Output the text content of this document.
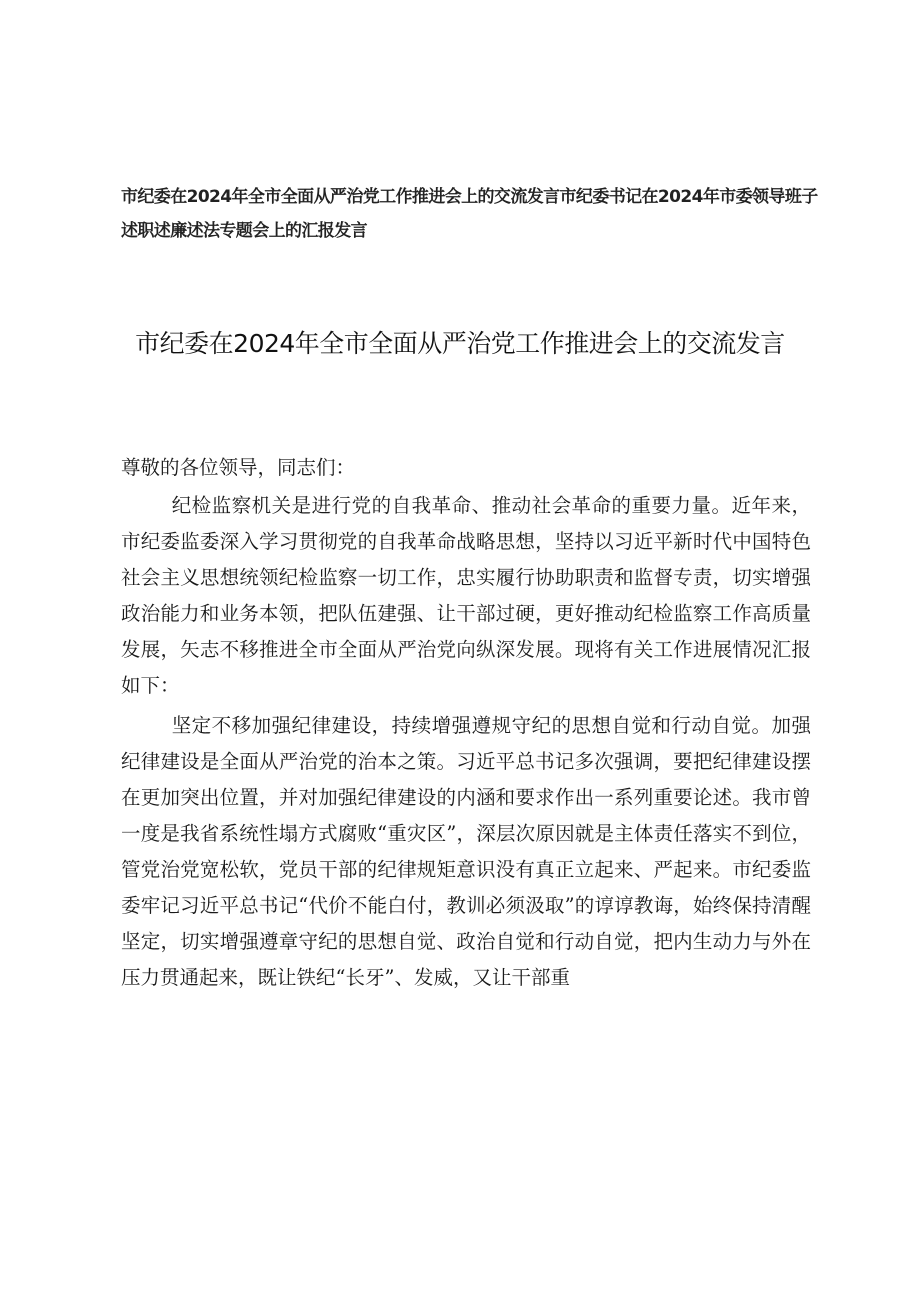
市纪委在2024年全市全面从严治党工作推进会上的交流发言市纪委书记在2024年市委领导班子述职述廉述法专题会上的汇报发言
市纪委在2024年全市全面从严治党工作推进会上的交流发言

尊敬的各位领导，同志们：

纪检监察机关是进行党的自我革命、推动社会革命的重要力量。近年来，市纪委监委深入学习贯彻党的自我革命战略思想，坚持以习近平新时代中国特色社会主义思想统领纪检监察一切工作，忠实履行协助职责和监督专责，切实增强政治能力和业务本领，把队伍建强、让干部过硬，更好推动纪检监察工作高质量发展，矢志不移推进全市全面从严治党向纵深发展。现将有关工作进展情况汇报如下：

坚定不移加强纪律建设，持续增强遵规守纪的思想自觉和行动自觉。加强纪律建设是全面从严治党的治本之策。习近平总书记多次强调，要把纪律建设摆在更加突出位置，并对加强纪律建设的内涵和要求作出一系列重要论述。我市曾一度是我省系统性塌方式腐败“重灾区”，深层次原因就是主体责任落实不到位，管党治党宽松软，党员干部的纪律规矩意识没有真正立起来、严起来。市纪委监委牢记习近平总书记“代价不能白付，教训必须汲取”的谆谆教诲，始终保持清醒坚定，切实增强遵章守纪的思想自觉、政治自觉和行动自觉，把内生动力与外在压力贯通起来，既让铁纪“长牙”、发威，又让干部重
